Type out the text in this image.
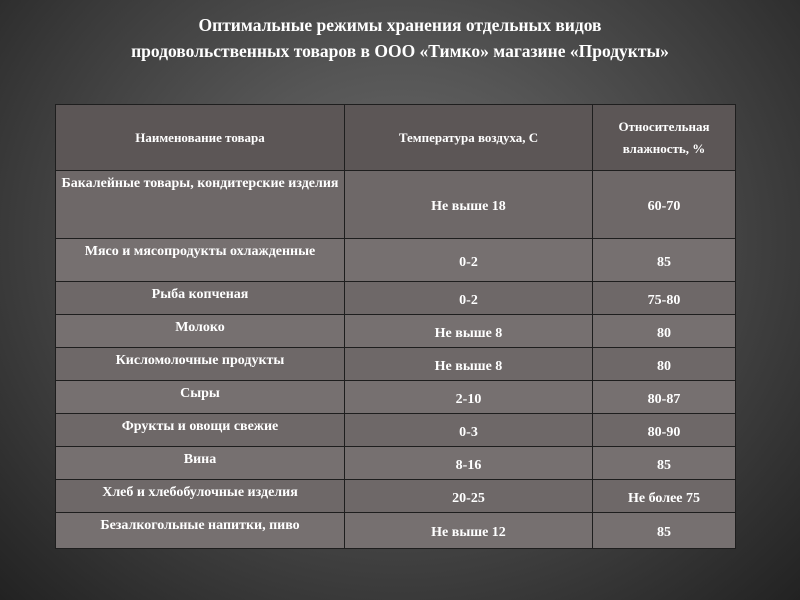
Оптимальные режимы хранения отдельных видов
продовольственных товаров в ООО «Тимко» магазине «Продукты»
Наименование товара	Температура воздуха, С	Относительная влажность, %
Бакалейные товары, кондитерские изделия	Не выше 18	60-70
Мясо и мясопродукты охлажденные	0-2	85
Рыба копченая	0-2	75-80
Молоко	Не выше 8	80
Кисломолочные продукты	Не выше 8	80
Сыры	2-10	80-87
Фрукты и овощи свежие	0-3	80-90
Вина	8-16	85
Хлеб и хлебобулочные изделия	20-25	Не более 75
Безалкогольные напитки, пиво	Не выше 12	85
